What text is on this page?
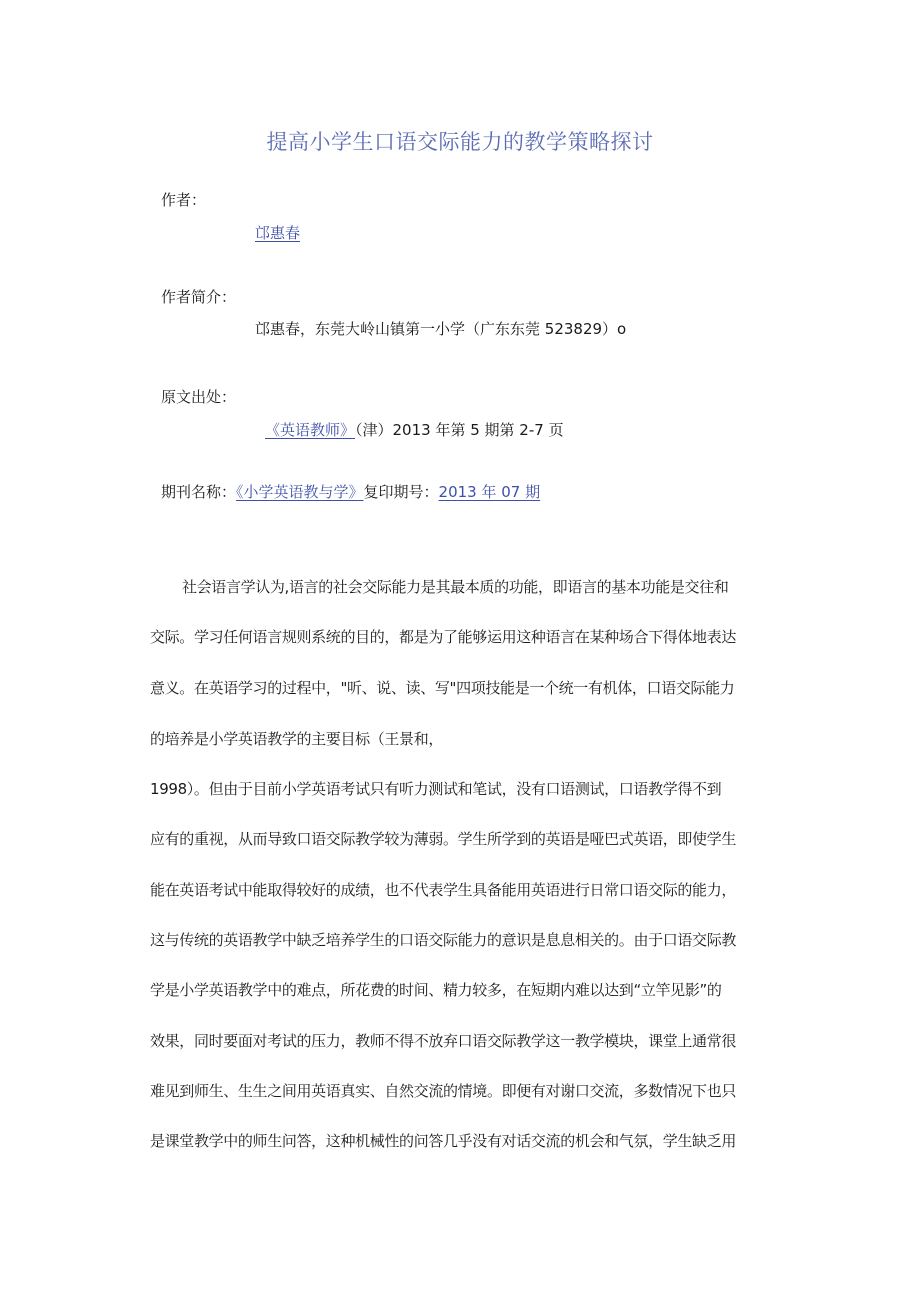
提高小学生口语交际能力的教学策略探讨
作者：
邙惠春
作者简介：
邙惠春，东莞大岭山镇第一小学（广东东莞 523829）o
原文出处：
《英语教师》（津）2013 年第 5 期第 2-7 页
期刊名称：《小学英语教与学》复印期号：2013 年 07 期
社会语言学认为,语言的社会交际能力是其最本质的功能，即语言的基本功能是交往和
交际。学习任何语言规则系统的目的，都是为了能够运用这种语言在某种场合下得体地表达
意义。在英语学习的过程中，"听、说、读、写"四项技能是一个统一有机体，口语交际能力
的培养是小学英语教学的主要目标（王景和，
1998）。但由于目前小学英语考试只有听力测试和笔试，没有口语测试，口语教学得不到
应有的重视，从而导致口语交际教学较为薄弱。学生所学到的英语是哑巴式英语，即使学生
能在英语考试中能取得较好的成绩，也不代表学生具备能用英语进行日常口语交际的能力，
这与传统的英语教学中缺乏培养学生的口语交际能力的意识是息息相关的。由于口语交际教
学是小学英语教学中的难点，所花费的时间、精力较多，在短期内难以达到“立竿见影”的
效果，同时要面对考试的压力，教师不得不放弃口语交际教学这一教学模块，课堂上通常很
难见到师生、生生之间用英语真实、自然交流的情境。即便有对谢口交流，多数情况下也只
是课堂教学中的师生问答，这种机械性的问答几乎没有对话交流的机会和气氛，学生缺乏用
